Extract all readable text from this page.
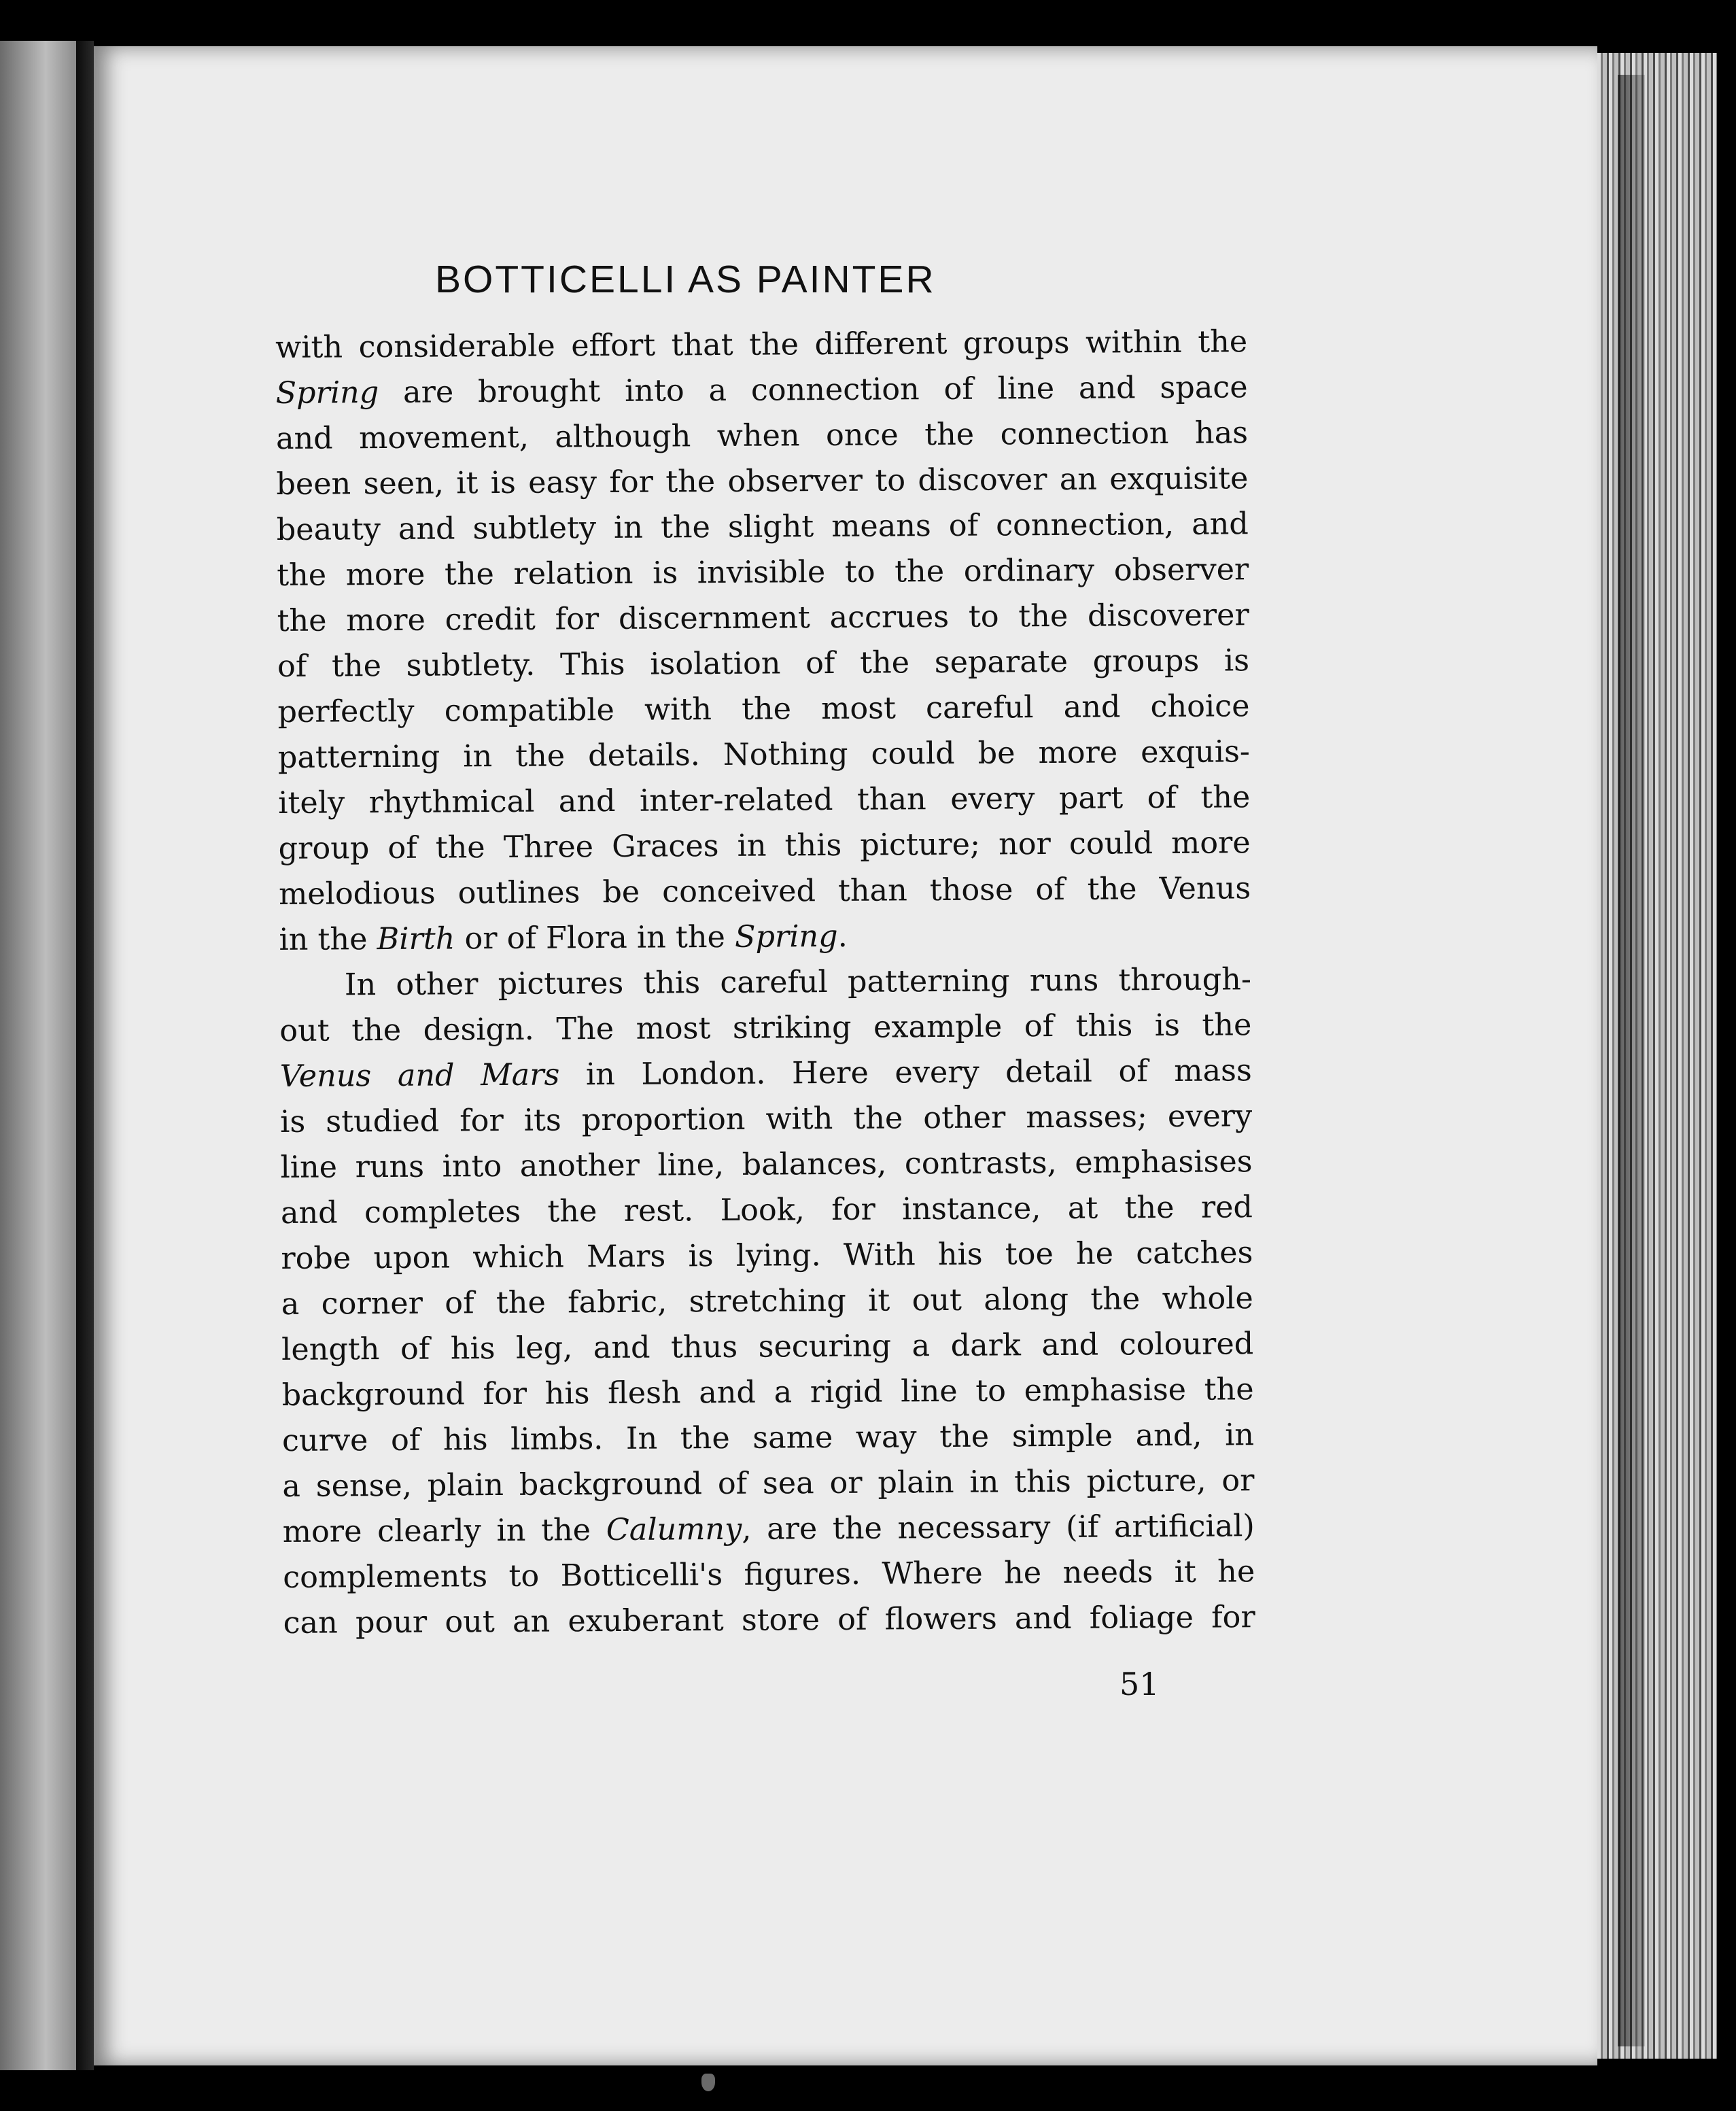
BOTTICELLI AS PAINTER
with considerable effort that the different groups within the
Spring are brought into a connection of line and space
and movement, although when once the connection has
been seen, it is easy for the observer to discover an exquisite
beauty and subtlety in the slight means of connection, and
the more the relation is invisible to the ordinary observer
the more credit for discernment accrues to the discoverer
of the subtlety. This isolation of the separate groups is
perfectly compatible with the most careful and choice
patterning in the details. Nothing could be more exquis-
itely rhythmical and inter-related than every part of the
group of the Three Graces in this picture; nor could more
melodious outlines be conceived than those of the Venus
in the Birth or of Flora in the Spring.
In other pictures this careful patterning runs through-
out the design. The most striking example of this is the
Venus and Mars in London. Here every detail of mass
is studied for its proportion with the other masses; every
line runs into another line, balances, contrasts, emphasises
and completes the rest. Look, for instance, at the red
robe upon which Mars is lying. With his toe he catches
a corner of the fabric, stretching it out along the whole
length of his leg, and thus securing a dark and coloured
background for his flesh and a rigid line to emphasise the
curve of his limbs. In the same way the simple and, in
a sense, plain background of sea or plain in this picture, or
more clearly in the Calumny, are the necessary (if artificial)
complements to Botticelli's figures. Where he needs it he
can pour out an exuberant store of flowers and foliage for
51
